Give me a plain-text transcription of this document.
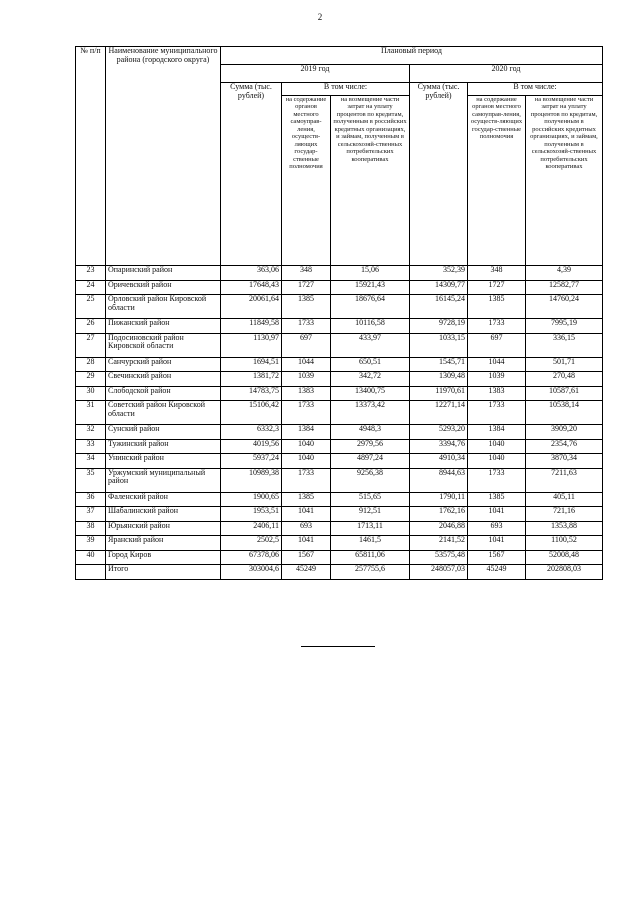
2
№ п/п	Наименование муниципального района (городского округа)	Плановый период					
		2019 год			2020 год		
		Сумма (тыс. рублей)	В том числе:		Сумма (тыс. рублей)	В том числе:	
			на содержание органов местного самоуправ-ления, осуществ-ляющих государ-ственные полномочия	на возмещение части затрат на уплату процентов по кредитам, полученным в российских кредитных организациях, и займам, полученным в сельскохозяй-ственных потребительских кооперативах		на содержание органов местного самоуправ-ления, осуществ-ляющих государ-ственные полномочия	на возмещение части затрат на уплату процентов по кредитам, полученным в российских кредитных организациях, и займам, полученным в сельскохозяй-ственных потребительских кооперативах
23	Опаринский район	363,06	348	15,06	352,39	348	4,39
24	Оричевский район	17648,43	1727	15921,43	14309,77	1727	12582,77
25	Орловский район Кировской области	20061,64	1385	18676,64	16145,24	1385	14760,24
26	Пижанский район	11849,58	1733	10116,58	9728,19	1733	7995,19
27	Подосиновский район Кировской области	1130,97	697	433,97	1033,15	697	336,15
28	Санчурский район	1694,51	1044	650,51	1545,71	1044	501,71
29	Свечинский район	1381,72	1039	342,72	1309,48	1039	270,48
30	Слободской район	14783,75	1383	13400,75	11970,61	1383	10587,61
31	Советский район Кировской области	15106,42	1733	13373,42	12271,14	1733	10538,14
32	Сунский район	6332,3	1384	4948,3	5293,20	1384	3909,20
33	Тужинский район	4019,56	1040	2979,56	3394,76	1040	2354,76
34	Унинский район	5937,24	1040	4897,24	4910,34	1040	3870,34
35	Уржумский муниципальный район	10989,38	1733	9256,38	8944,63	1733	7211,63
36	Фаленский район	1900,65	1385	515,65	1790,11	1385	405,11
37	Шабалинский район	1953,51	1041	912,51	1762,16	1041	721,16
38	Юрьянский район	2406,11	693	1713,11	2046,88	693	1353,88
39	Яранский район	2502,5	1041	1461,5	2141,52	1041	1100,52
40	Город Киров	67378,06	1567	65811,06	53575,48	1567	52008,48
	Итого	303004,6	45249	257755,6	248057,03	45249	202808,03
